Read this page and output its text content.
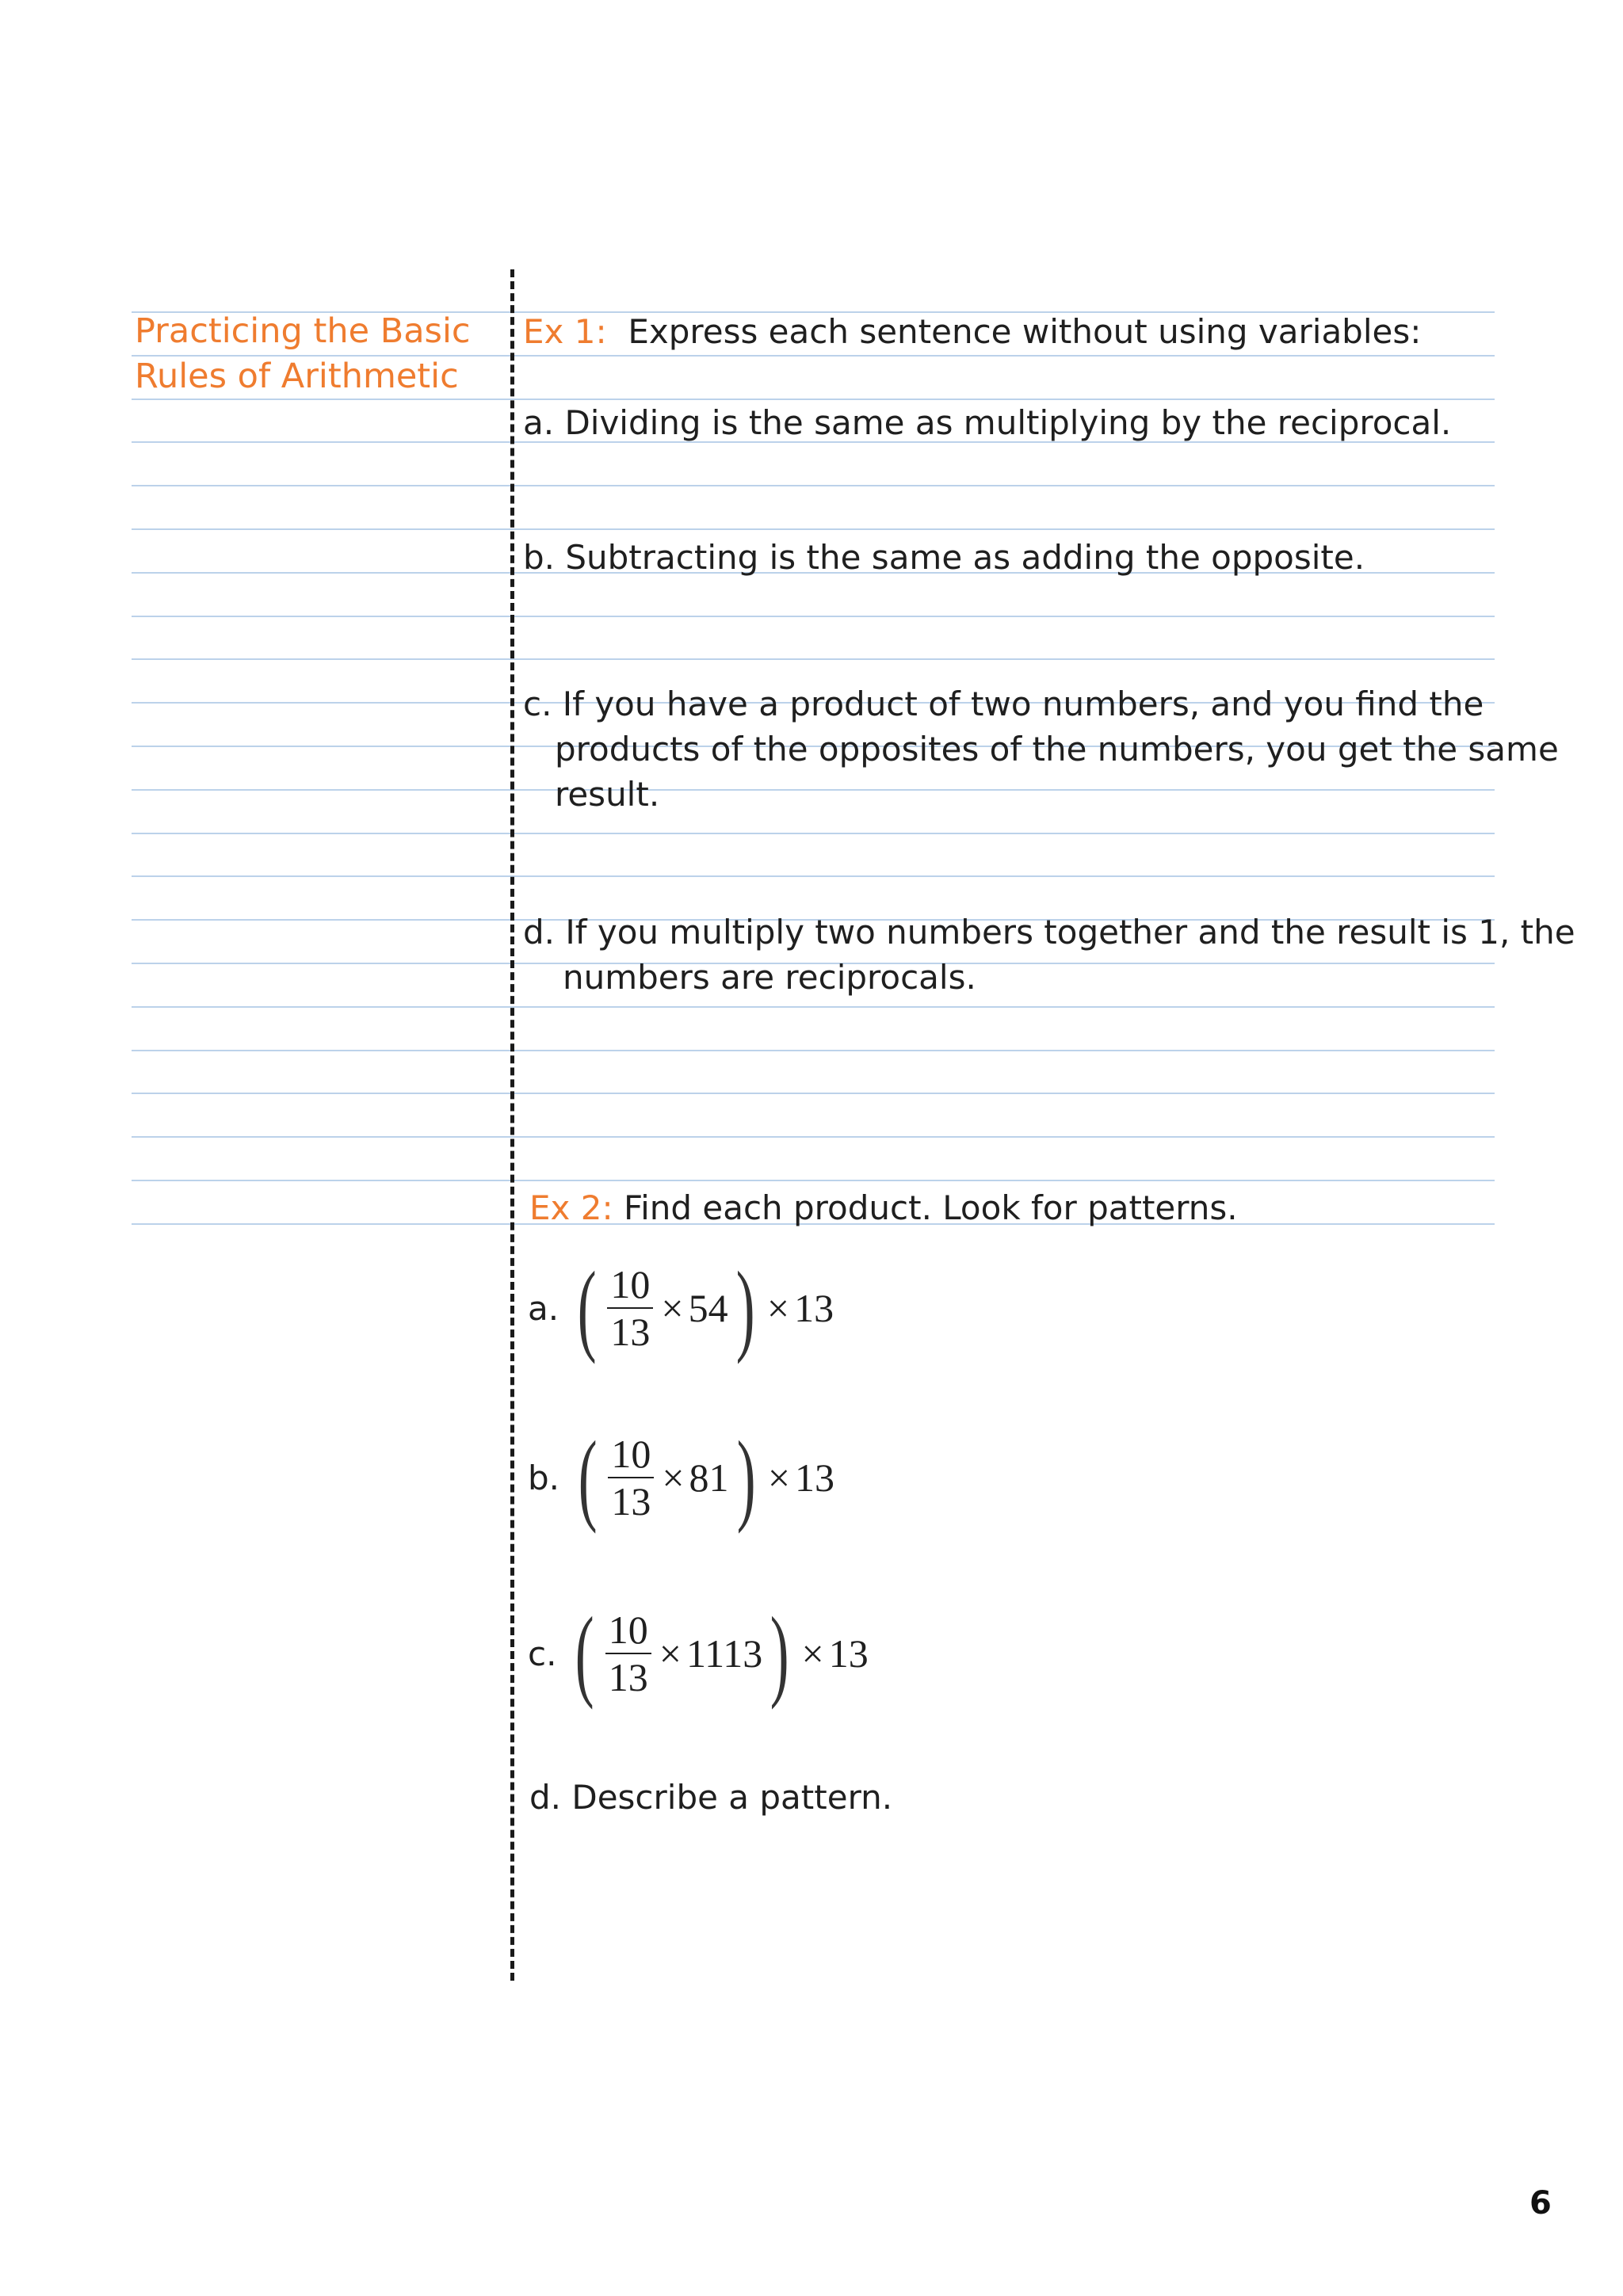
Practicing the Basic
Rules of Arithmetic
Ex 1: Express each sentence without using variables:
a. Dividing is the same as multiplying by the reciprocal.
b. Subtracting is the same as adding the opposite.
c. If you have a product of two numbers, and you find the
products of the opposites of the numbers, you get the same
result.
d. If you multiply two numbers together and the result is 1, the
numbers are reciprocals.
Ex 2: Find each product. Look for patterns.
a. ( $\frac{10}{13} \times 54$ ) × 13
b. ( $\frac{10}{13} \times 81$ ) × 13
c. ( $\frac{10}{13} \times 1113$ ) × 13
d. Describe a pattern.
6
